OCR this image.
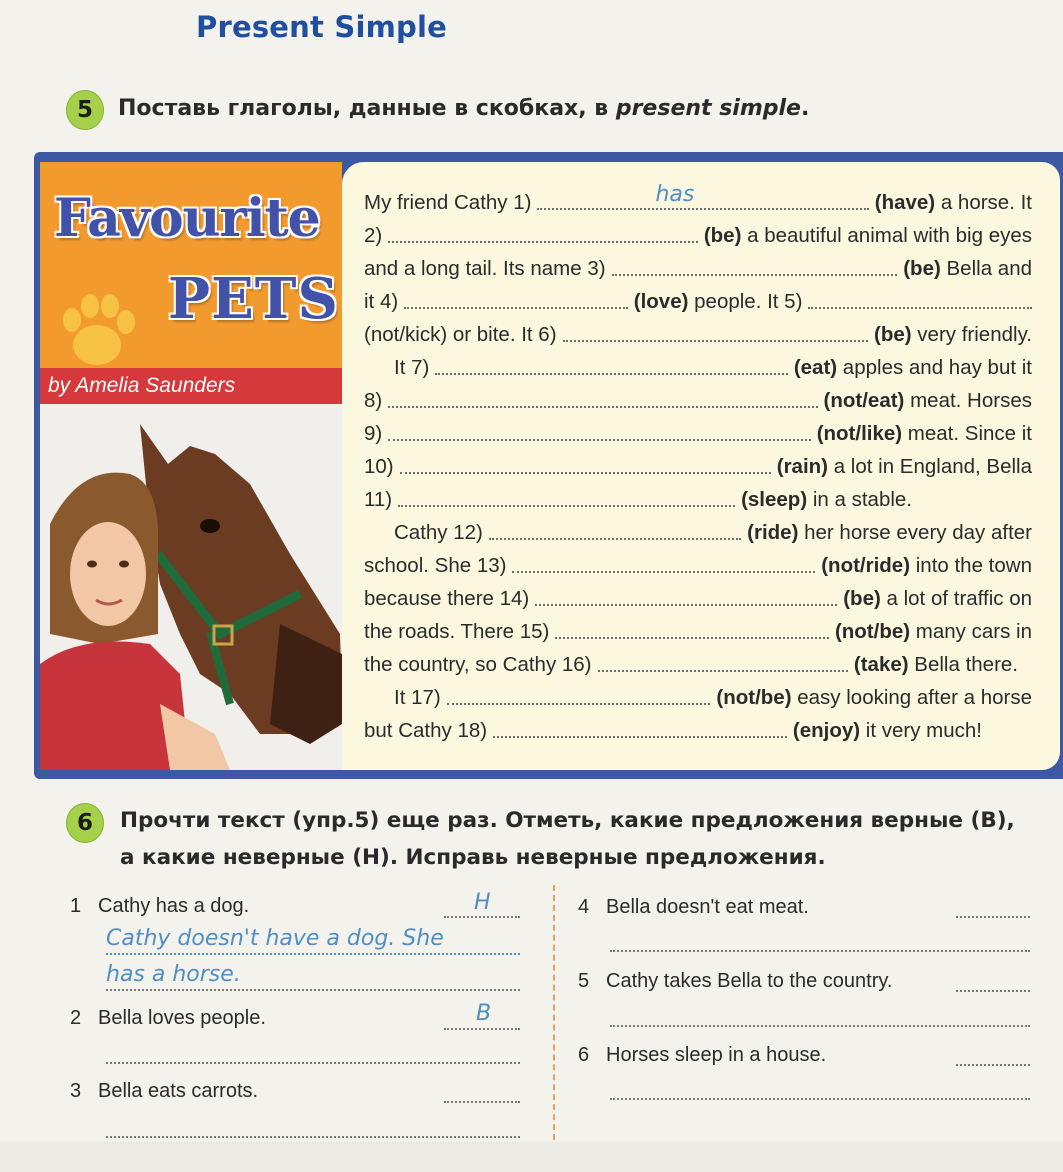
Present Simple
5	Поставь глаголы, данные в скобках, в present simple.
Favourite
PETS
by Amelia Saunders
My friend Cathy 1)	has	(have) a horse. It
2)	(be) a beautiful animal with big eyes
and a long tail. Its name 3)	(be) Bella and
it 4)	(love) people. It 5)
(not/kick) or bite. It 6)	(be) very friendly.
It 7)	(eat) apples and hay but it
8)	(not/eat) meat. Horses
9)	(not/like) meat. Since it
10)	(rain) a lot in England, Bella
11)	(sleep) in a stable.
Cathy 12)	(ride) her horse every day after
school. She 13)	(not/ride) into the town
because there 14)	(be) a lot of traffic on
the roads. There 15)	(not/be) many cars in
the country, so Cathy 16)	(take) Bella there.
It 17)	(not/be) easy looking after a horse
but Cathy 18)	(enjoy) it very much!
6	Прочти текст (упр.5) еще раз. Отметь, какие предложения верные (В),
а какие неверные (Н). Исправь неверные предложения.
1 Cathy has a dog.	H
Cathy doesn't have a dog. She
has a horse.
2 Bella loves people.	B
3 Bella eats carrots.
4 Bella doesn't eat meat.
5 Cathy takes Bella to the country.
6 Horses sleep in a house.
